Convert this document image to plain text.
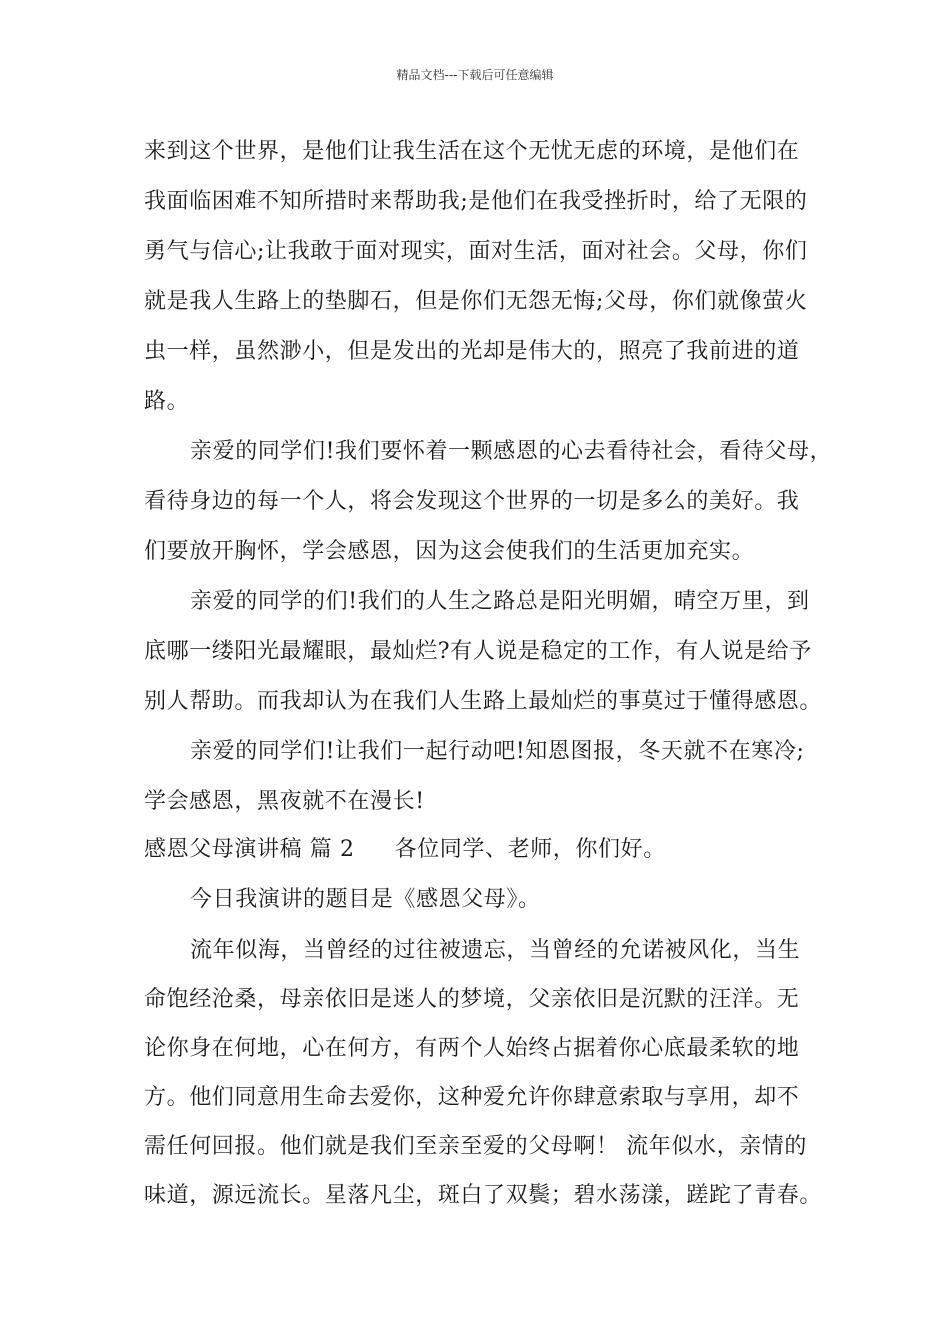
精品文档---下载后可任意编辑
来到这个世界，是他们让我生活在这个无忧无虑的环境，是他们在
我面临困难不知所措时来帮助我;是他们在我受挫折时，给了无限的
勇气与信心;让我敢于面对现实，面对生活，面对社会。父母，你们
就是我人生路上的垫脚石，但是你们无怨无悔;父母，你们就像萤火
虫一样，虽然渺小，但是发出的光却是伟大的，照亮了我前进的道
路。
亲爱的同学们!我们要怀着一颗感恩的心去看待社会，看待父母，
看待身边的每一个人，将会发现这个世界的一切是多么的美好。我
们要放开胸怀，学会感恩，因为这会使我们的生活更加充实。
亲爱的同学的们!我们的人生之路总是阳光明媚，晴空万里，到
底哪一缕阳光最耀眼，最灿烂?有人说是稳定的工作，有人说是给予
别人帮助。而我却认为在我们人生路上最灿烂的事莫过于懂得感恩。
亲爱的同学们!让我们一起行动吧!知恩图报，冬天就不在寒冷;
学会感恩，黑夜就不在漫长!
感恩父母演讲稿 篇 2 各位同学、老师，你们好。
今日我演讲的题目是《感恩父母》。
流年似海，当曾经的过往被遗忘，当曾经的允诺被风化，当生
命饱经沧桑，母亲依旧是迷人的梦境，父亲依旧是沉默的汪洋。无
论你身在何地，心在何方，有两个人始终占据着你心底最柔软的地
方。他们同意用生命去爱你，这种爱允许你肆意索取与享用，却不
需任何回报。他们就是我们至亲至爱的父母啊！ 流年似水，亲情的
味道，源远流长。星落凡尘，斑白了双鬓；碧水荡漾，蹉跎了青春。
